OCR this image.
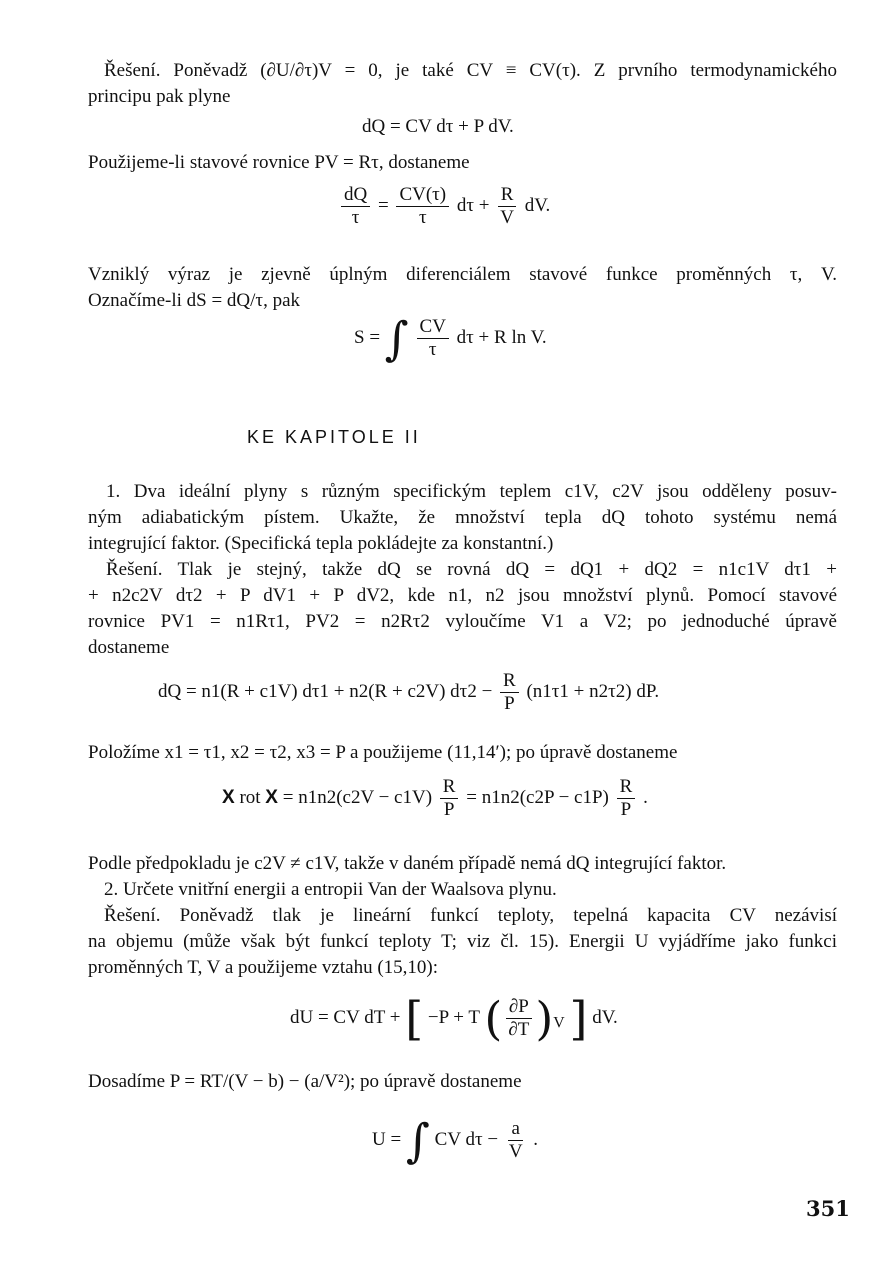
Řešení. Poněvadž (∂U/∂τ)V = 0, je také CV ≡ CV(τ). Z prvního termodynamického
principu pak plyne
dQ = CV dτ + P dV.
Použijeme-li stavové rovnice PV = Rτ, dostaneme
$\frac{dQ}{\tau} = \frac{CV(\tau)}{\tau}$ $d\tau + \frac{R}{V}$ dV.
Vzniklý výraz je zjevně úplným diferenciálem stavové funkce proměnných τ, V.
Označíme-li dS = dQ/τ, pak
S = ∫ $\frac{CV}{\tau}$ dτ + R ln V.
KE KAPITOLE II
1. Dva ideální plyny s různým specifickým teplem c1V, c2V jsou odděleny posuv-
ným adiabatickým pístem. Ukažte, že množství tepla dQ tohoto systému nemá
integrující faktor. (Specifická tepla pokládejte za konstantní.)
Řešení. Tlak je stejný, takže dQ se rovná dQ = dQ1 + dQ2 = n1c1V dτ1 +
+ n2c2V dτ2 + P dV1 + P dV2, kde n1, n2 jsou množství plynů. Pomocí stavové
rovnice PV1 = n1Rτ1, PV2 = n2Rτ2 vyloučíme V1 a V2; po jednoduché úpravě
dostaneme
dQ = n1(R + c1V) dτ1 + n2(R + c2V) $d\tau 2 - \frac{R}{P} (n1\tau 1 + n2\tau 2)$ dP.
Položíme x1 = τ1, x2 = τ2, x3 = P a použijeme (11,14′); po úpravě dostaneme
X rot $X = n1n2(c2V - c1V) \frac{R}{P} = n1n2(c2P - c1P) \frac{R}{P}$ .
Podle předpokladu je c2V ≠ c1V, takže v daném případě nemá dQ integrující faktor.
2. Určete vnitřní energii a entropii Van der Waalsova plynu.
Řešení. Poněvadž tlak je lineární funkcí teploty, tepelná kapacita CV nezávisí
na objemu (může však být funkcí teploty T; viz čl. 15). Energii U vyjádříme jako funkci
proměnných T, V a použijeme vztahu (15,10):
dU = CV dT + [ −P + T ( $\frac{\partial P}{\partial T} )_V$ ] dV.
Dosadíme P = RT/(V − b) − (a/V²); po úpravě dostaneme
U = ∫ CV $d\tau - \frac{a}{V}$ .
351
